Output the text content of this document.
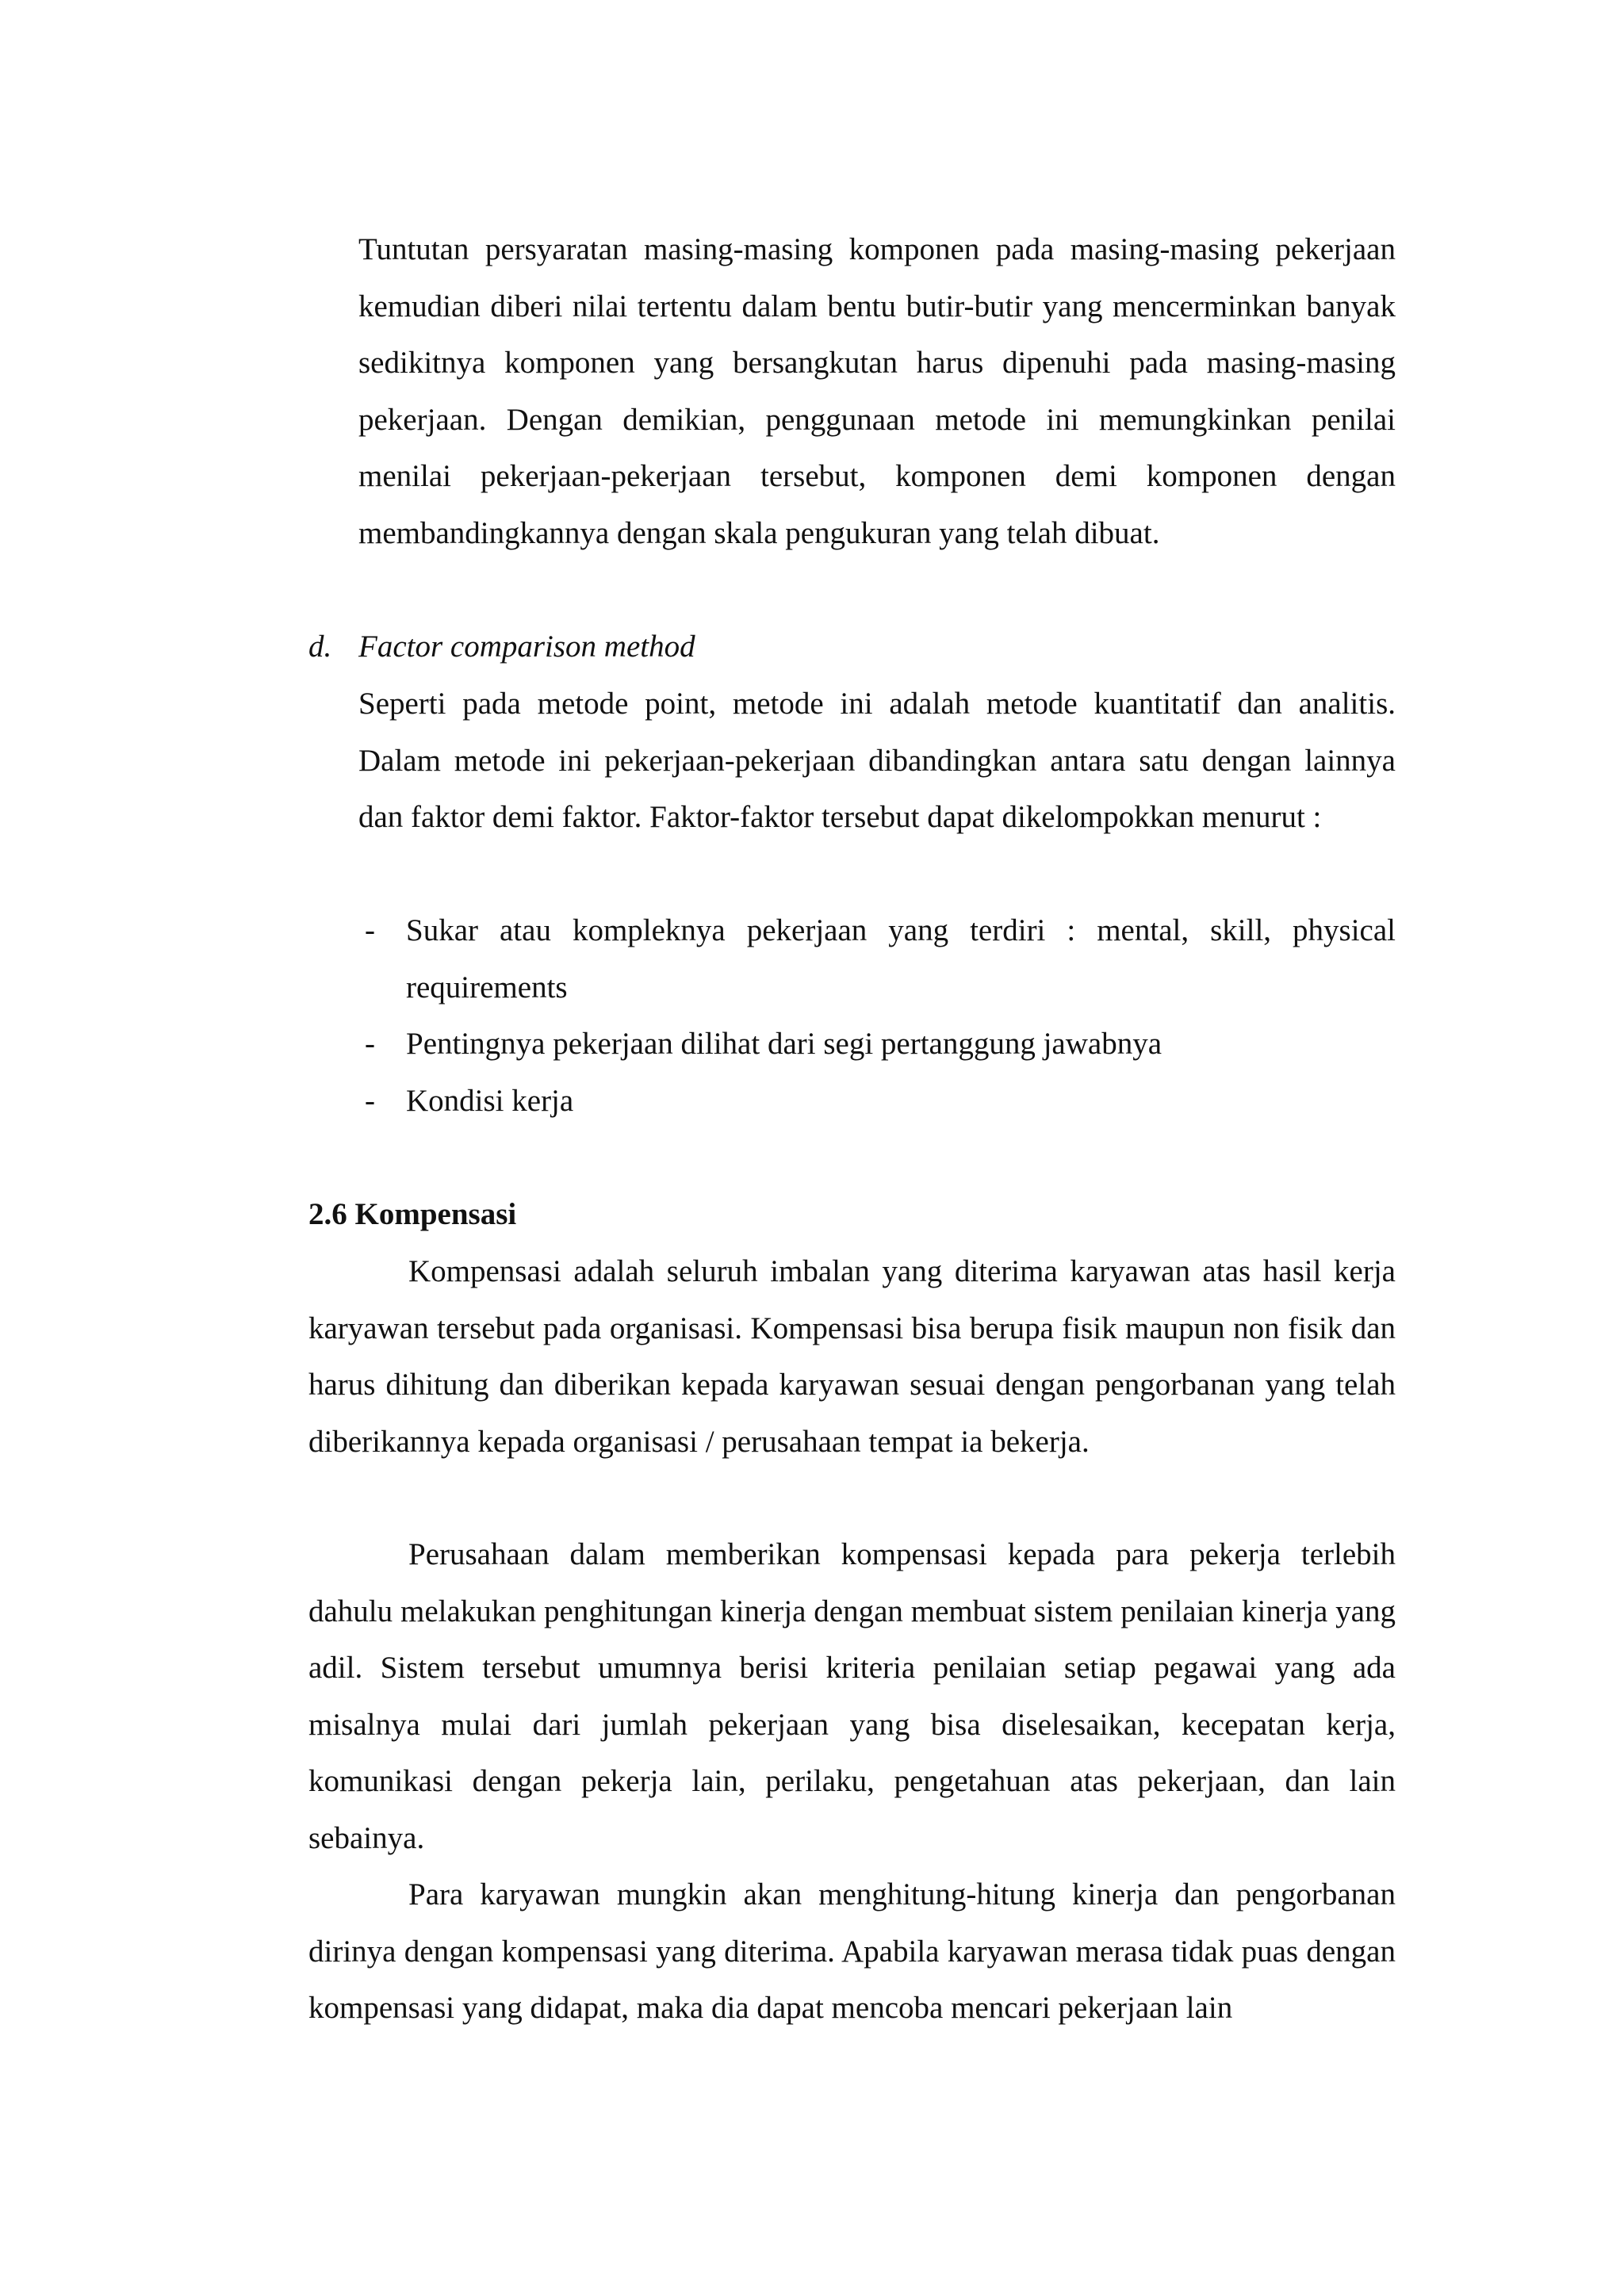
Tuntutan persyaratan masing-masing komponen pada masing-masing pekerjaan kemudian diberi nilai tertentu dalam bentu butir-butir yang mencerminkan banyak sedikitnya komponen yang bersangkutan harus dipenuhi pada masing-masing pekerjaan. Dengan demikian, penggunaan metode ini memungkinkan penilai menilai pekerjaan-pekerjaan tersebut, komponen demi komponen dengan membandingkannya dengan skala pengukuran yang telah dibuat.
d. Factor comparison method
Seperti pada metode point, metode ini adalah metode kuantitatif dan analitis. Dalam metode ini pekerjaan-pekerjaan dibandingkan antara satu dengan lainnya dan faktor demi faktor. Faktor-faktor tersebut dapat dikelompokkan menurut :
- Sukar atau kompleknya pekerjaan yang terdiri : mental, skill, physical requirements
- Pentingnya pekerjaan dilihat dari segi pertanggung jawabnya
- Kondisi kerja
2.6 Kompensasi

Kompensasi adalah seluruh imbalan yang diterima karyawan atas hasil kerja karyawan tersebut pada organisasi. Kompensasi bisa berupa fisik maupun non fisik dan harus dihitung dan diberikan kepada karyawan sesuai dengan pengorbanan yang telah diberikannya kepada organisasi / perusahaan tempat ia bekerja.

Perusahaan dalam memberikan kompensasi kepada para pekerja terlebih dahulu melakukan penghitungan kinerja dengan membuat sistem penilaian kinerja yang adil. Sistem tersebut umumnya berisi kriteria penilaian setiap pegawai yang ada misalnya mulai dari jumlah pekerjaan yang bisa diselesaikan, kecepatan kerja, komunikasi dengan pekerja lain, perilaku, pengetahuan atas pekerjaan, dan lain sebainya.

Para karyawan mungkin akan menghitung-hitung kinerja dan pengorbanan dirinya dengan kompensasi yang diterima. Apabila karyawan merasa tidak puas dengan kompensasi yang didapat, maka dia dapat mencoba mencari pekerjaan lain
